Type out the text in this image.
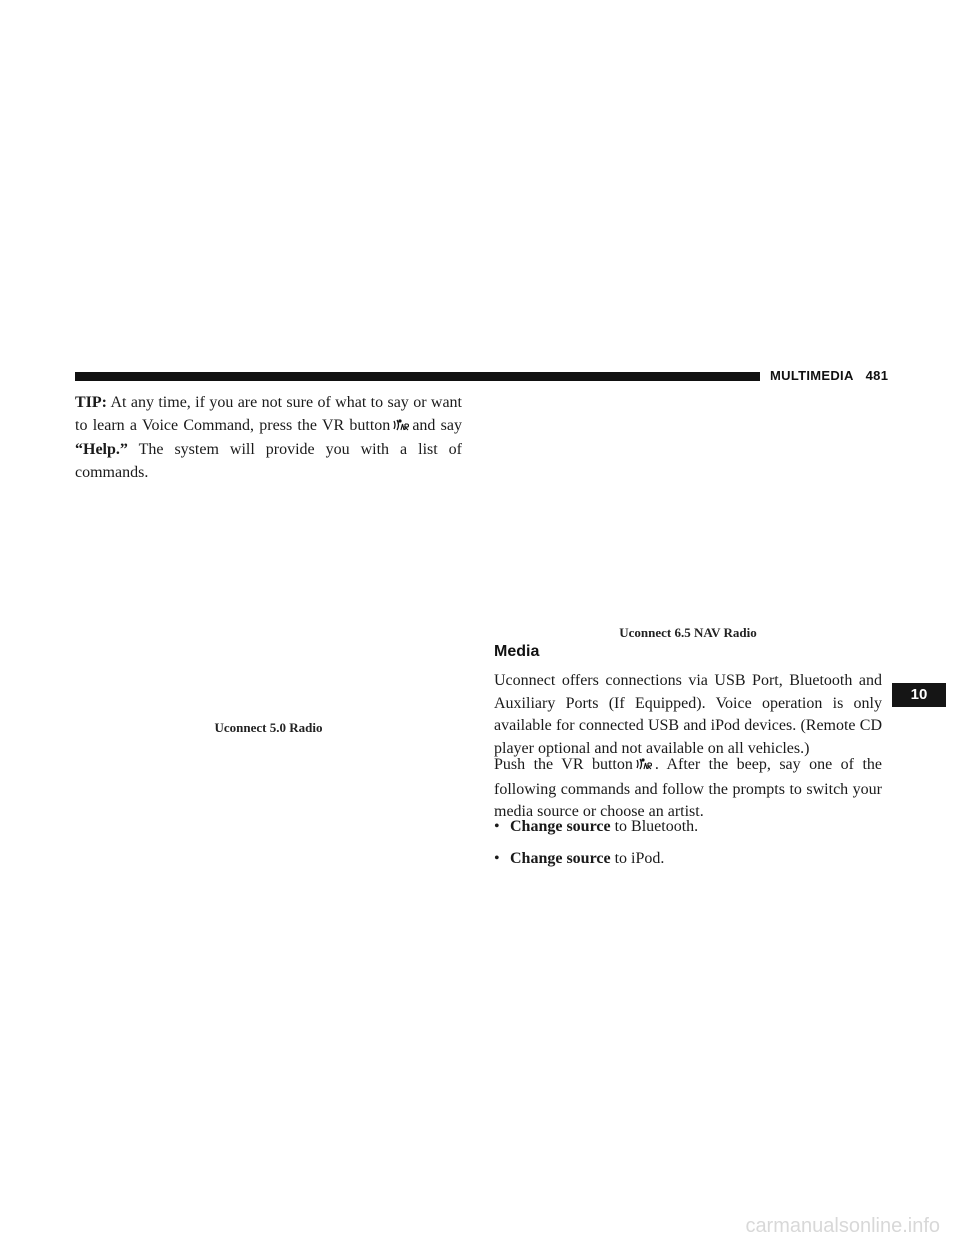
MULTIMEDIA 481

TIP: At any time, if you are not sure of what to say or want to learn a Voice Command, press the VR button and say “Help.” The system will provide you with a list of commands.

Uconnect 5.0 Radio
Uconnect 6.5 NAV Radio
Media

Uconnect offers connections via USB Port, Bluetooth and Auxiliary Ports (If Equipped). Voice operation is only available for connected USB and iPod devices. (Remote CD player optional and not available on all vehicles.)

Push the VR button . After the beep, say one of the following commands and follow the prompts to switch your media source or choose an artist.

• Change source to Bluetooth.
• Change source to iPod.
10
carmanualsonline.info
